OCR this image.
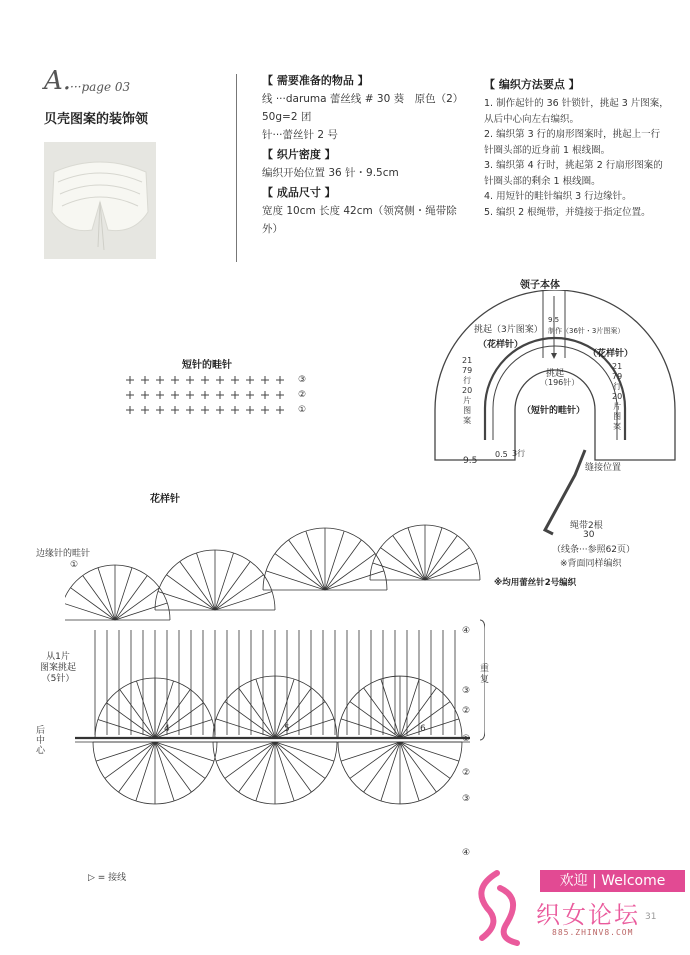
A.
···page 03
贝壳图案的装饰领
【 需要准备的物品 】
线 ···daruma 蕾丝线 # 30 葵　原色（2）
50g=2 团
针···蕾丝针 2 号
【 织片密度 】
编织开始位置 36 针・9.5cm
【 成品尺寸 】
宽度 10cm 长度 42cm（领窝侧・绳带除外）
【 编织方法要点 】
1. 制作起针的 36 针锁针，挑起 3 片图案，
从后中心向左右编织。
2. 编织第 3 行的扇形图案时，挑起上一行
针圈头部的近身前 1 根线圈。
3. 编织第 4 行时，挑起第 2 行扇形图案的
针圈头部的剩余 1 根线圈。
4. 用短针的畦针编织 3 行边缘针。
5. 编织 2 根绳带，并缝接于指定位置。
领子本体
挑起（3片图案）
9.5
制作（36针・3片图案）
（花样针）
（花样针）
挑起
（196针）
（短针的畦针）
21
79
行
20
片
图
案
21
79
行
20
片
图
案
9.5
0.5 3行
缝接位置
绳带2根
30
（线条···参照62页）
※背面同样编织
※均用蕾丝针2号编织
短针的畦针
③
②
①
花样针
边缘针的畦针
①
从1片
图案挑起
（5针）
后中心
重复
▷ = 接线
4	5	6
④
③
②
①
②
③
④
欢迎 | Welcome
织女论坛
885.ZHINV8.COM
31
